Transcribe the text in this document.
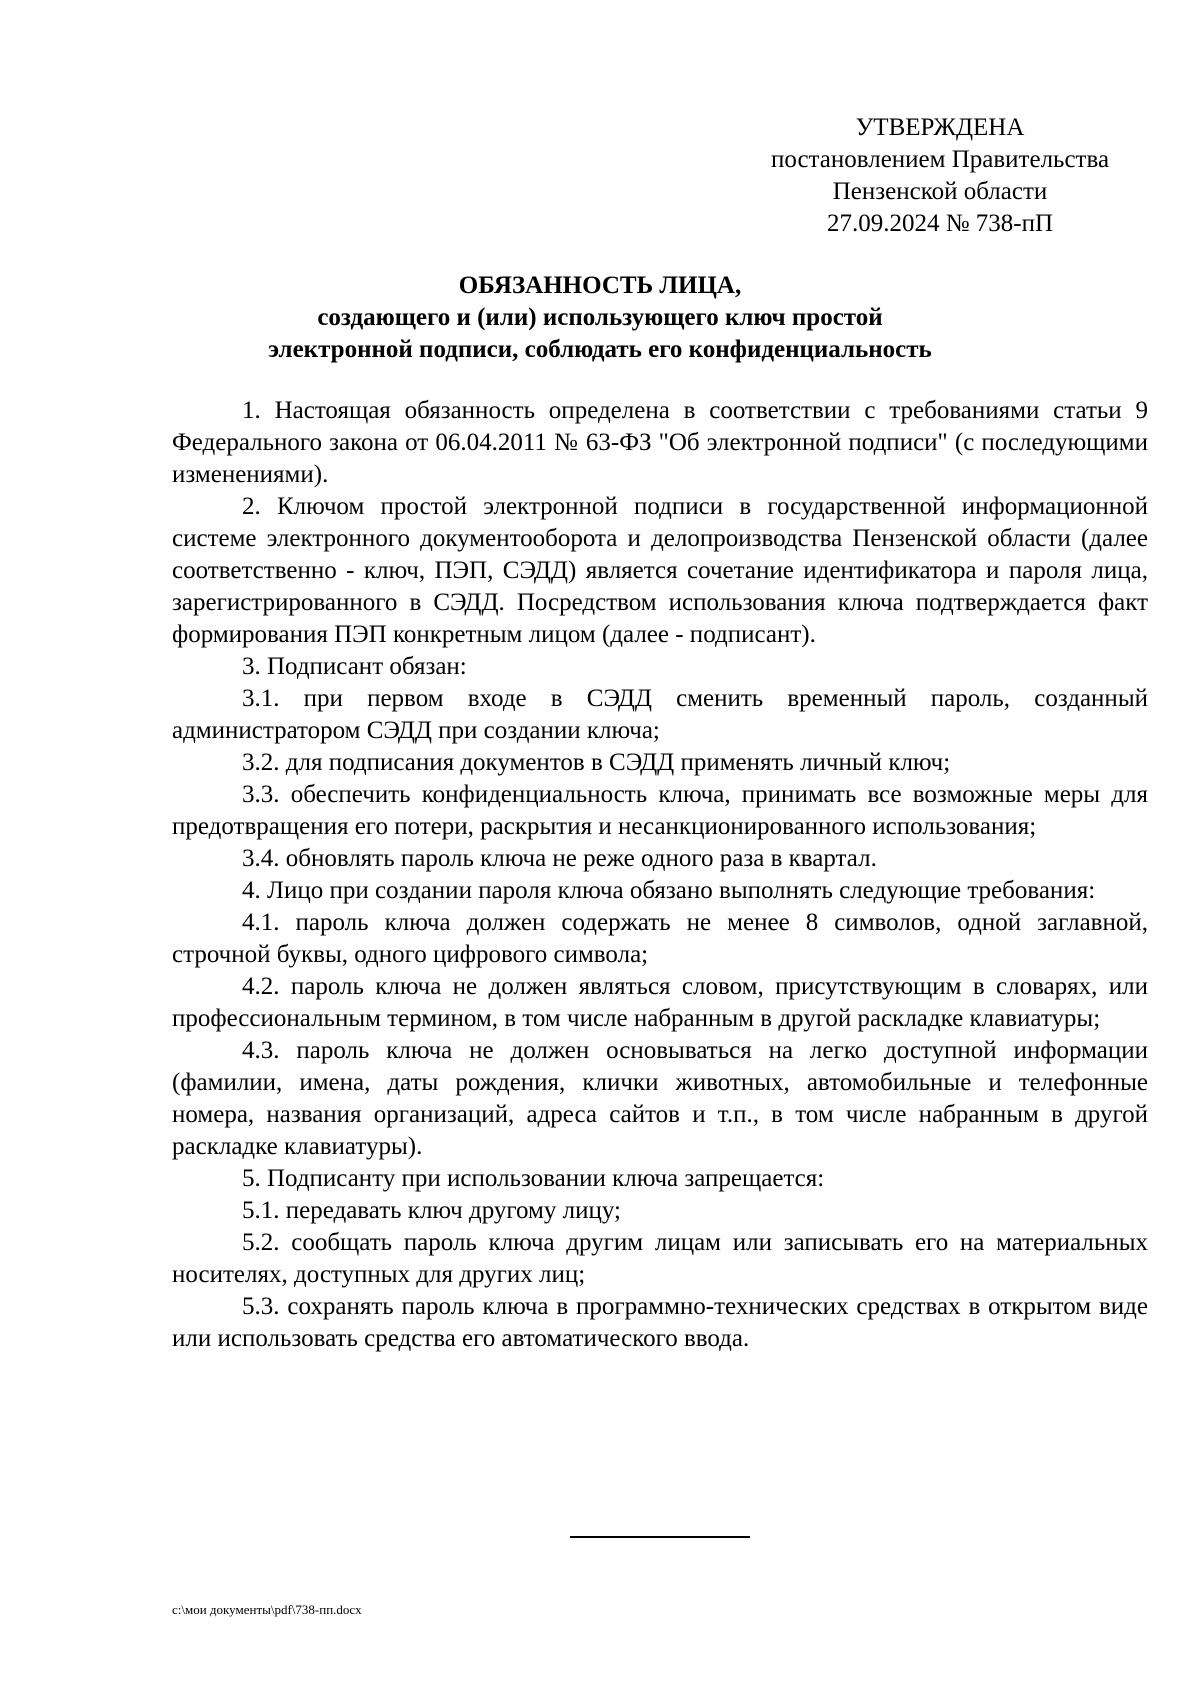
УТВЕРЖДЕНА
постановлением Правительства
Пензенской области
27.09.2024 № 738-пП
ОБЯЗАННОСТЬ ЛИЦА,
создающего и (или) использующего ключ простой
электронной подписи, соблюдать его конфиденциальность

1. Настоящая обязанность определена в соответствии с требованиями статьи 9 Федерального закона от 06.04.2011 № 63-ФЗ "Об электронной подписи" (с последующими изменениями).

2. Ключом простой электронной подписи в государственной информационной системе электронного документооборота и делопроизводства Пензенской области (далее соответственно - ключ, ПЭП, СЭДД) является сочетание идентификатора и пароля лица, зарегистрированного в СЭДД. Посредством использования ключа подтверждается факт формирования ПЭП конкретным лицом (далее - подписант).

3. Подписант обязан:

3.1. при первом входе в СЭДД сменить временный пароль, созданный администратором СЭДД при создании ключа;

3.2. для подписания документов в СЭДД применять личный ключ;

3.3. обеспечить конфиденциальность ключа, принимать все возможные меры для предотвращения его потери, раскрытия и несанкционированного использования;

3.4. обновлять пароль ключа не реже одного раза в квартал.

4. Лицо при создании пароля ключа обязано выполнять следующие требования:

4.1. пароль ключа должен содержать не менее 8 символов, одной заглавной, строчной буквы, одного цифрового символа;

4.2. пароль ключа не должен являться словом, присутствующим в словарях, или профессиональным термином, в том числе набранным в другой раскладке клавиатуры;

4.3. пароль ключа не должен основываться на легко доступной информации (фамилии, имена, даты рождения, клички животных, автомобильные и телефонные номера, названия организаций, адреса сайтов и т.п., в том числе набранным в другой раскладке клавиатуры).

5. Подписанту при использовании ключа запрещается:

5.1. передавать ключ другому лицу;

5.2. сообщать пароль ключа другим лицам или записывать его на материальных носителях, доступных для других лиц;

5.3. сохранять пароль ключа в программно-технических средствах в открытом виде или использовать средства его автоматического ввода.

c:\мои документы\pdf\738-пп.docx
